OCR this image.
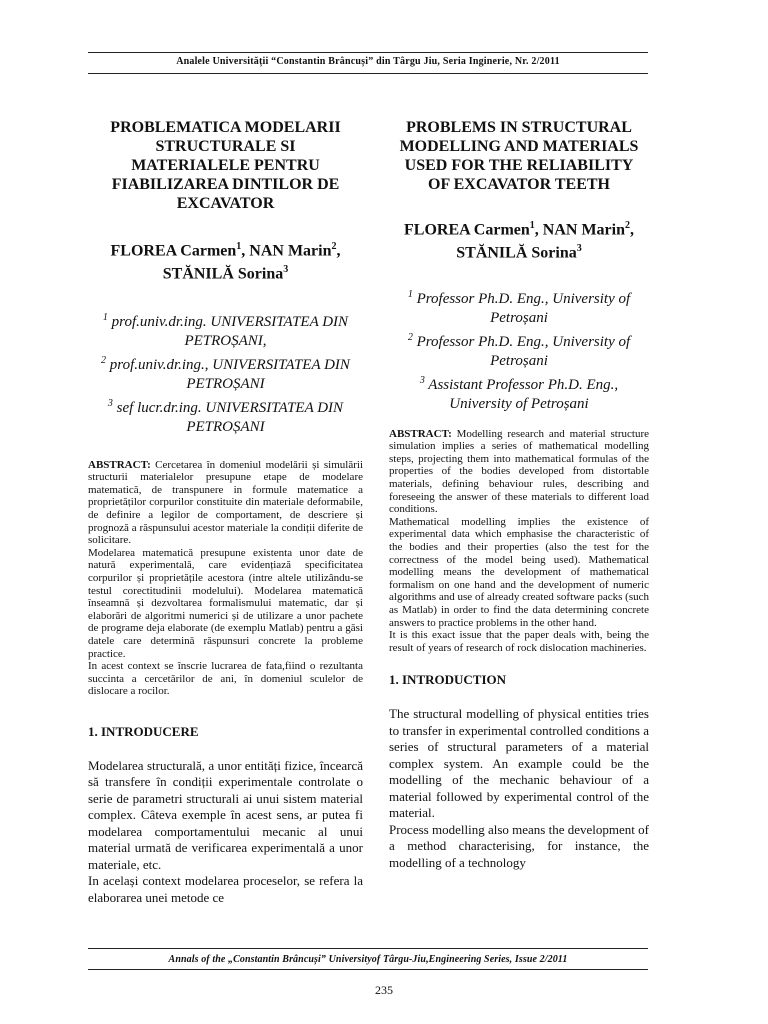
Analele Universității “Constantin Brâncuși” din Târgu Jiu, Seria Inginerie, Nr. 2/2011
PROBLEMATICA MODELARII
STRUCTURALE SI
MATERIALELE PENTRU
FIABILIZAREA DINTILOR DE
EXCAVATOR
FLOREA Carmen$^1$, NAN Marin$^2$,
STĂNILĂ Sorina$^3$
$^1$ prof.univ.dr.ing. UNIVERSITATEA DIN PETROȘANI,
$^2$ prof.univ.dr.ing., UNIVERSITATEA DIN PETROȘANI
$^3$ sef lucr.dr.ing. UNIVERSITATEA DIN PETROȘANI

ABSTRACT: Cercetarea în domeniul modelării și simulării structurii materialelor presupune etape de modelare matematică, de transpunere in formule matematice a proprietăților corpurilor constituite din materiale deformabile, de definire a legilor de comportament, de descriere și prognoză a răspunsului acestor materiale la condiții diferite de solicitare.

Modelarea matematică presupune existenta unor date de natură experimentală, care evidențiază specificitatea corpurilor și proprietățile acestora (intre altele utilizându-se testul corectitudinii modelului). Modelarea matematică înseamnă și dezvoltarea formalismului matematic, dar și elaborări de algoritmi numerici și de utilizare a unor pachete de programe deja elaborate (de exemplu Matlab) pentru a găsi datele care determină răspunsuri concrete la probleme practice.

In acest context se înscrie lucrarea de fata,fiind o rezultanta succinta a cercetărilor de ani, în domeniul sculelor de dislocare a rocilor.

1. INTRODUCERE

Modelarea structurală, a unor entități fizice, încearcă să transfere în condiții experimentale controlate o serie de parametri structurali ai unui sistem material complex. Câteva exemple în acest sens, ar putea fi modelarea comportamentului mecanic al unui material urmată de verificarea experimentală a unor materiale, etc.

In același context modelarea proceselor, se refera la elaborarea unei metode ce

PROBLEMS IN STRUCTURAL
MODELLING AND MATERIALS
USED FOR THE RELIABILITY
OF EXCAVATOR TEETH
FLOREA Carmen$^1$, NAN Marin$^2$,
STĂNILĂ Sorina$^3$
$^1$ Professor Ph.D. Eng., University of Petroșani
$^2$ Professor Ph.D. Eng., University of Petroșani
$^3$ Assistant Professor Ph.D. Eng., University of Petroșani

ABSTRACT: Modelling research and material structure simulation implies a series of mathematical modelling steps, projecting them into mathematical formulas of the properties of the bodies developed from distortable materials, defining behaviour rules, describing and foreseeing the answer of these materials to different load conditions.

Mathematical modelling implies the existence of experimental data which emphasise the characteristic of the bodies and their properties (also the test for the correctness of the model being used). Mathematical modelling means the development of mathematical formalism on one hand and the development of numeric algorithms and use of already created software packs (such as Matlab) in order to find the data determining concrete answers to practice problems in the other hand.

It is this exact issue that the paper deals with, being the result of years of research of rock dislocation machineries.

1. INTRODUCTION

The structural modelling of physical entities tries to transfer in experimental controlled conditions a series of structural parameters of a material complex system. An example could be the modelling of the mechanic behaviour of a material followed by experimental control of the material.

Process modelling also means the development of a method characterising, for instance, the modelling of a technology

Annals of the „Constantin Brâncuși” Universityof Târgu-Jiu,Engineering Series, Issue 2/2011
235
